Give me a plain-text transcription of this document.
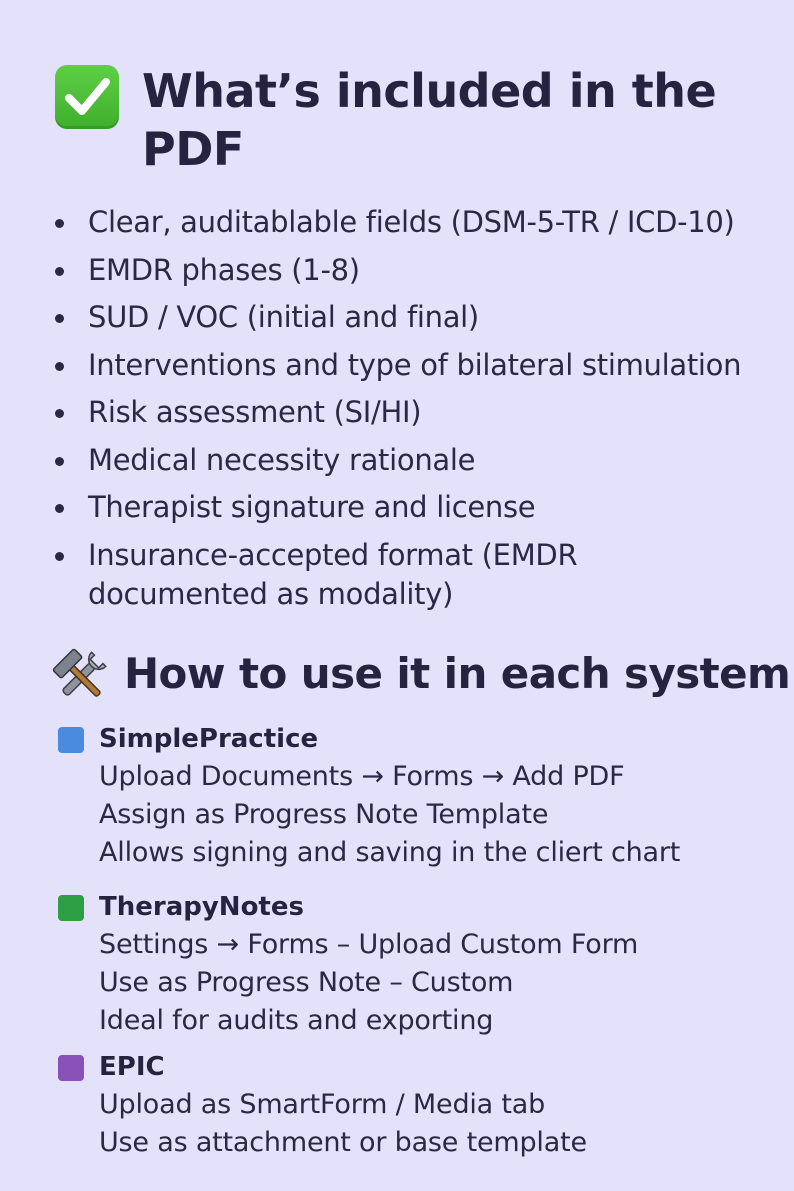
What’s included in the PDF
Clear, auditablable fields (DSM-5-TR / ICD-10)
EMDR phases (1-8)
SUD / VOC (initial and final)
Interventions and type of bilateral stimulation
Risk assessment (SI/HI)
Medical necessity rationale
Therapist signature and license
Insurance-accepted format (EMDR documented as modality)
How to use it in each system
SimplePractice
Upload Documents → Forms → Add PDF
Assign as Progress Note Template
Allows signing and saving in the cliert chart
TherapyNotes
Settings → Forms – Upload Custom Form
Use as Progress Note – Custom
Ideal for audits and exporting
EPIC
Upload as SmartForm / Media tab
Use as attachment or base template
